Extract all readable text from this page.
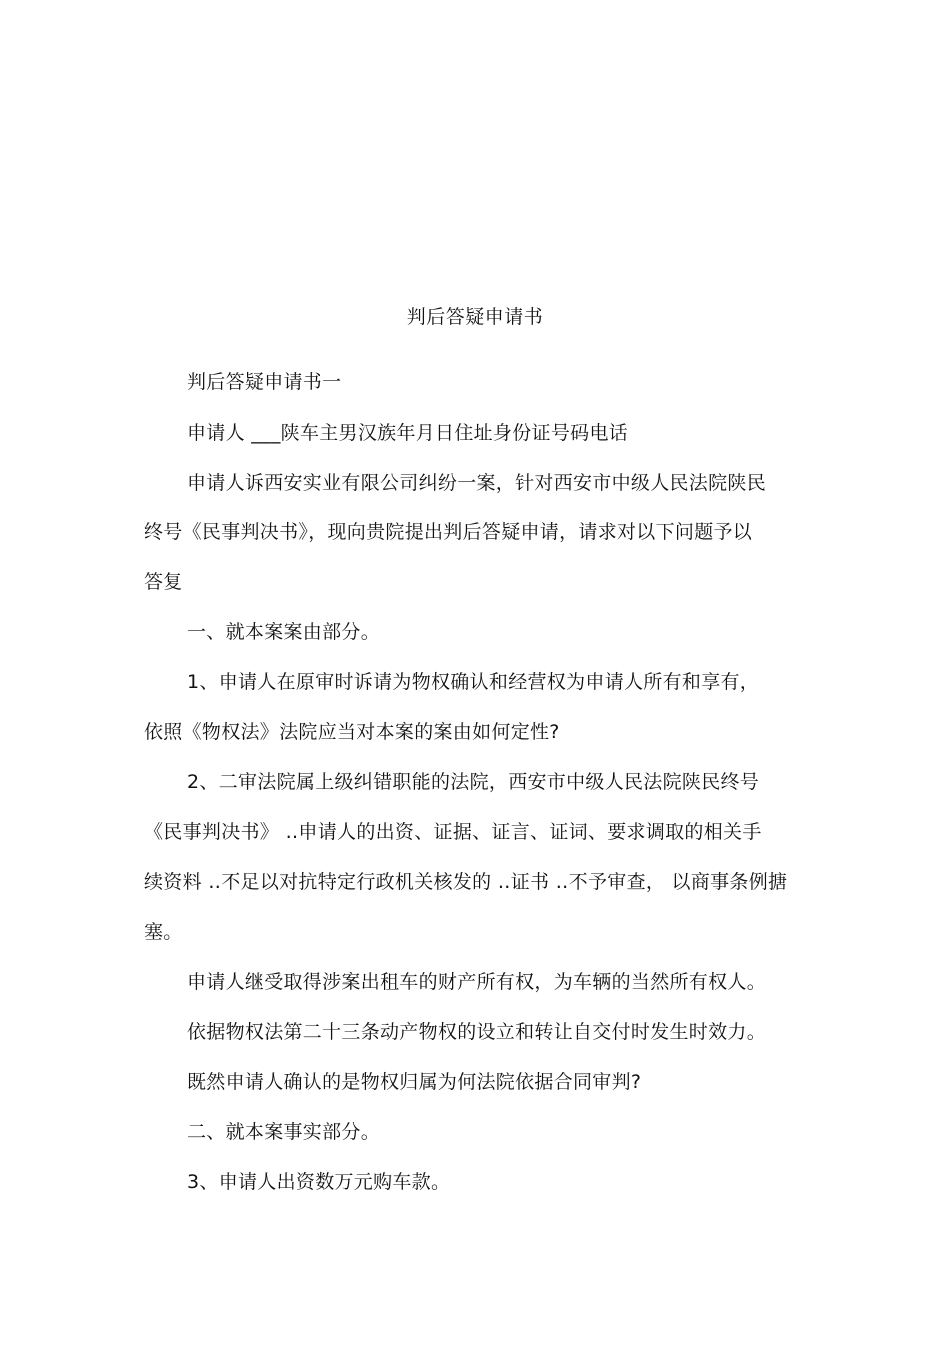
判后答疑申请书
判后答疑申请书一
申请人 ___陕车主男汉族年月日住址身份证号码电话
申请人诉西安实业有限公司纠纷一案，针对西安市中级人民法院陕民
终号《民事判决书》，现向贵院提出判后答疑申请，请求对以下问题予以
答复
一、就本案案由部分。
1、申请人在原审时诉请为物权确认和经营权为申请人所有和享有，
依照《物权法》法院应当对本案的案由如何定性?
2、二审法院属上级纠错职能的法院，西安市中级人民法院陕民终号
《民事判决书》 ‥申请人的出资、证据、证言、证词、要求调取的相关手
续资料 ‥不足以对抗特定行政机关核发的 ‥证书 ‥不予审查， 以商事条例搪
塞。
申请人继受取得涉案出租车的财产所有权，为车辆的当然所有权人。
依据物权法第二十三条动产物权的设立和转让自交付时发生时效力。
既然申请人确认的是物权归属为何法院依据合同审判?
二、就本案事实部分。
3、申请人出资数万元购车款。
